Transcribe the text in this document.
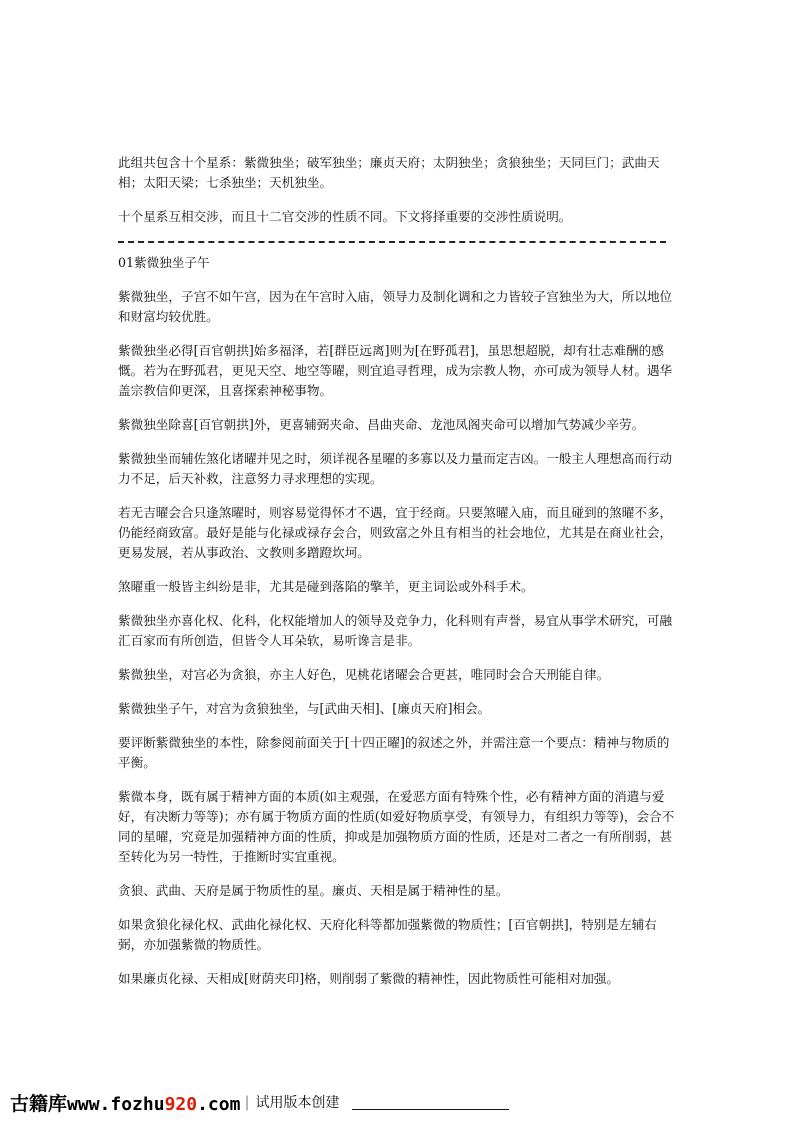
此组共包含十个星系：紫微独坐；破军独坐；廉贞天府；太阴独坐；贪狼独坐；天同巨门；武曲天相；太阳天梁；七杀独坐；天机独坐。

十个星系互相交涉，而且十二官交涉的性质不同。下文将择重要的交涉性质说明。

01紫微独坐子午

紫微独坐，子宫不如午宫，因为在午宫时入庙，领导力及制化调和之力皆较子宫独坐为大，所以地位和财富均较优胜。

紫微独坐必得[百官朝拱]始多福泽，若[群臣远离]则为[在野孤君]，虽思想超脱，却有壮志难酬的感慨。若为在野孤君，更见天空、地空等曜，则宜追寻哲理，成为宗教人物，亦可成为领导人材。遇华盖宗教信仰更深，且喜探索神秘事物。

紫微独坐除喜[百官朝拱]外，更喜辅弼夹命、昌曲夹命、龙池凤阁夹命可以增加气势减少辛劳。

紫微独坐而辅佐煞化诸曜并见之时，须详视各星曜的多寡以及力量而定吉凶。一般主人理想高而行动力不足，后天补救，注意努力寻求理想的实现。

若无吉曜会合只逢煞曜时，则容易觉得怀才不遇，宜于经商。只要煞曜入庙，而且碰到的煞曜不多，仍能经商致富。最好是能与化禄或禄存会合，则致富之外且有相当的社会地位，尤其是在商业社会，更易发展，若从事政治、文教则多蹭蹬坎坷。

煞曜重一般皆主纠纷是非，尤其是碰到落陷的擎羊，更主词讼或外科手术。

紫微独坐亦喜化权、化科，化权能增加人的领导及竞争力，化科则有声誉，易宜从事学术研究，可融汇百家而有所创造，但皆令人耳朵软，易听谗言是非。

紫微独坐，对宫必为贪狼，亦主人好色，见桃花诸曜会合更甚，唯同时会合天刑能自律。

紫微独坐子午，对宫为贪狼独坐，与[武曲天相]、[廉贞天府]相会。

要评断紫微独坐的本性，除参阅前面关于[十四正曜]的叙述之外，并需注意一个要点：精神与物质的平衡。

紫微本身，既有属于精神方面的本质(如主观强，在爱恶方面有特殊个性，必有精神方面的消遣与爱好，有决断力等等)；亦有属于物质方面的性质(如爱好物质享受，有领导力，有组织力等等)，会合不同的星曜，究竟是加强精神方面的性质，抑或是加强物质方面的性质，还是对二者之一有所削弱，甚至转化为另一特性，于推断时实宜重视。

贪狼、武曲、天府是属于物质性的星。廉贞、天相是属于精神性的星。

如果贪狼化禄化权、武曲化禄化权、天府化科等都加强紫微的物质性；[百官朝拱]，特别是左辅右弼，亦加强紫微的物质性。

如果廉贞化禄、天相成[财荫夹印]格，则削弱了紫微的精神性，因此物质性可能相对加强。

古籍库www.fozhu920.com | 试用版本创建
